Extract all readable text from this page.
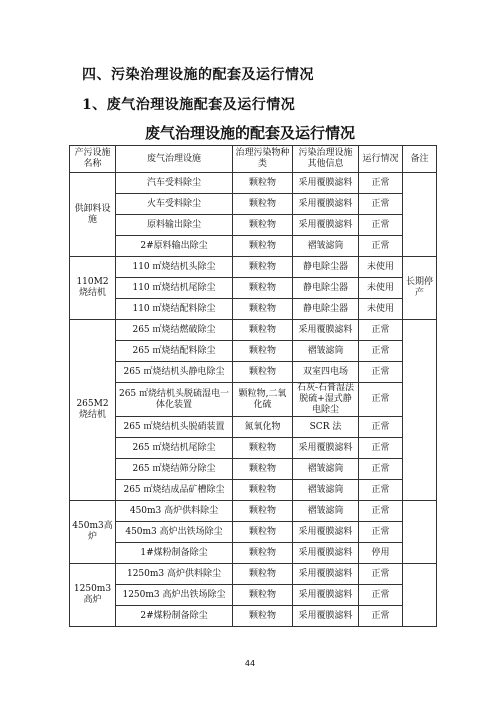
四、污染治理设施的配套及运行情况
1、废气治理设施配套及运行情况
废气治理设施的配套及运行情况
产污设施名称	废气治理设施	治理污染物种类	污染治理设施其他信息	运行情况	备注
供卸料设施	汽车受料除尘	颗粒物	采用覆膜滤料	正常	
	火车受料除尘	颗粒物	采用覆膜滤料	正常	
	原料输出除尘	颗粒物	采用覆膜滤料	正常	
	2#原料输出除尘	颗粒物	褶皱滤筒	正常	
110M2烧结机	110 ㎡烧结机头除尘	颗粒物	静电除尘器	未使用	长期停产
	110 ㎡烧结机尾除尘	颗粒物	静电除尘器	未使用	
	110 ㎡烧结配料除尘	颗粒物	静电除尘器	未使用	
265M2烧结机	265 ㎡烧结燃破除尘	颗粒物	采用覆膜滤料	正常	
	265 ㎡烧结配料除尘	颗粒物	褶皱滤筒	正常	
	265 ㎡烧结机头静电除尘	颗粒物	双室四电场	正常	
	265 ㎡烧结机头脱硫湿电一体化装置	颗粒物,二氧化硫	石灰-石膏湿法脱硫+湿式静电除尘	正常	
	265 ㎡烧结机头脱硝装置	氮氧化物	SCR 法	正常	
	265 ㎡烧结机尾除尘	颗粒物	采用覆膜滤料	正常	
	265 ㎡烧结筛分除尘	颗粒物	褶皱滤筒	正常	
	265 ㎡烧结成品矿槽除尘	颗粒物	褶皱滤筒	正常	
450m3高炉	450m3 高炉供料除尘	颗粒物	褶皱滤筒	正常	
	450m3 高炉出铁场除尘	颗粒物	采用覆膜滤料	正常	
	1#煤粉制备除尘	颗粒物	采用覆膜滤料	停用	
1250m3高炉	1250m3 高炉供料除尘	颗粒物	采用覆膜滤料	正常	
	1250m3 高炉出铁场除尘	颗粒物	采用覆膜滤料	正常	
	2#煤粉制备除尘	颗粒物	采用覆膜滤料	正常	
44
